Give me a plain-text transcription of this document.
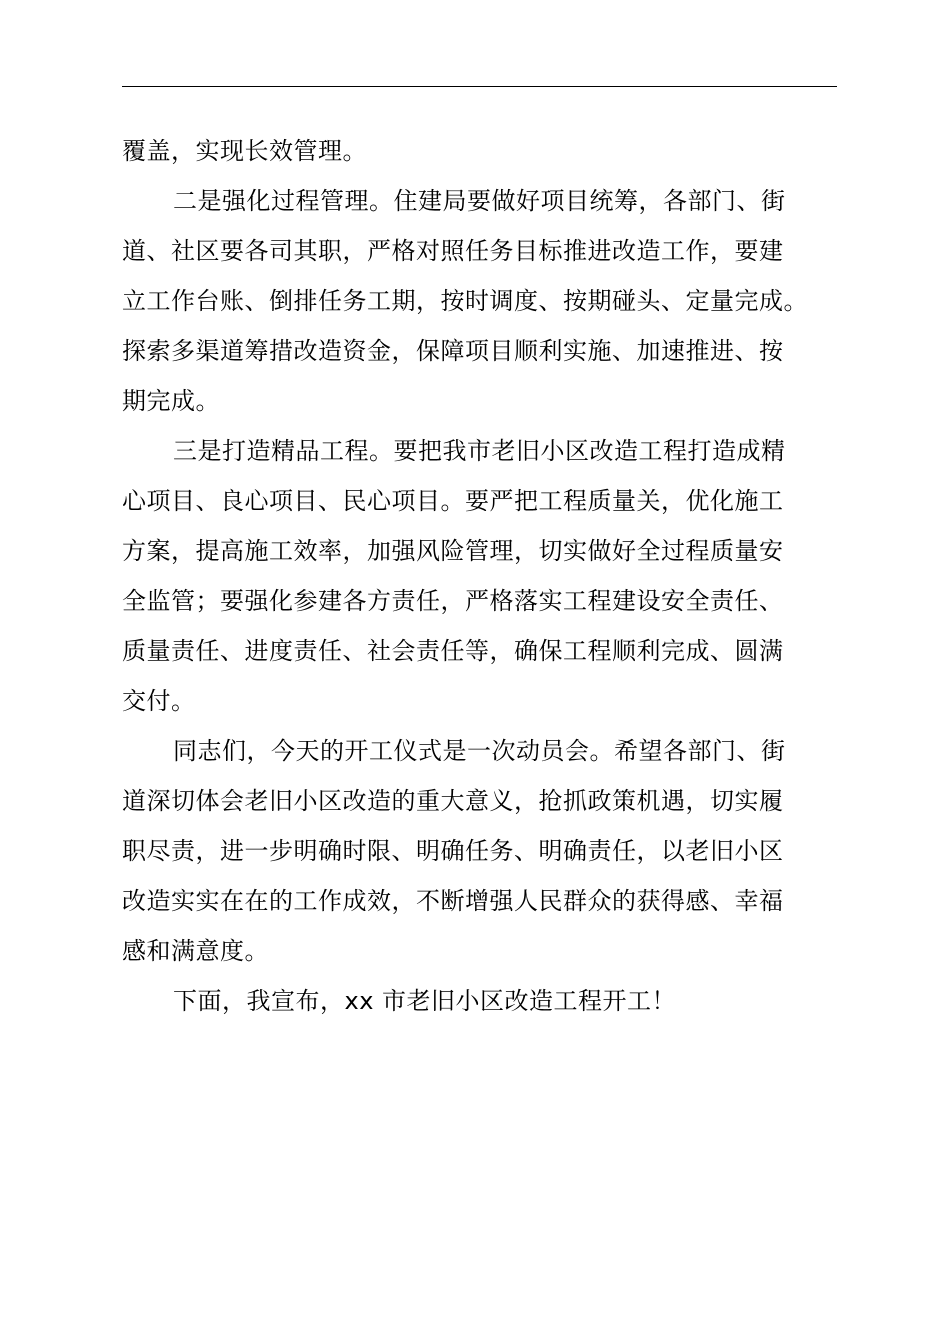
覆盖，实现长效管理。
二是强化过程管理。住建局要做好项目统筹，各部门、街
道、社区要各司其职，严格对照任务目标推进改造工作，要建
立工作台账、倒排任务工期，按时调度、按期碰头、定量完成。
探索多渠道筹措改造资金，保障项目顺利实施、加速推进、按
期完成。
三是打造精品工程。要把我市老旧小区改造工程打造成精
心项目、良心项目、民心项目。要严把工程质量关，优化施工
方案，提高施工效率，加强风险管理，切实做好全过程质量安
全监管；要强化参建各方责任，严格落实工程建设安全责任、
质量责任、进度责任、社会责任等，确保工程顺利完成、圆满
交付。
同志们，今天的开工仪式是一次动员会。希望各部门、街
道深切体会老旧小区改造的重大意义，抢抓政策机遇，切实履
职尽责，进一步明确时限、明确任务、明确责任，以老旧小区
改造实实在在的工作成效，不断增强人民群众的获得感、幸福
感和满意度。
下面，我宣布，xx 市老旧小区改造工程开工！
